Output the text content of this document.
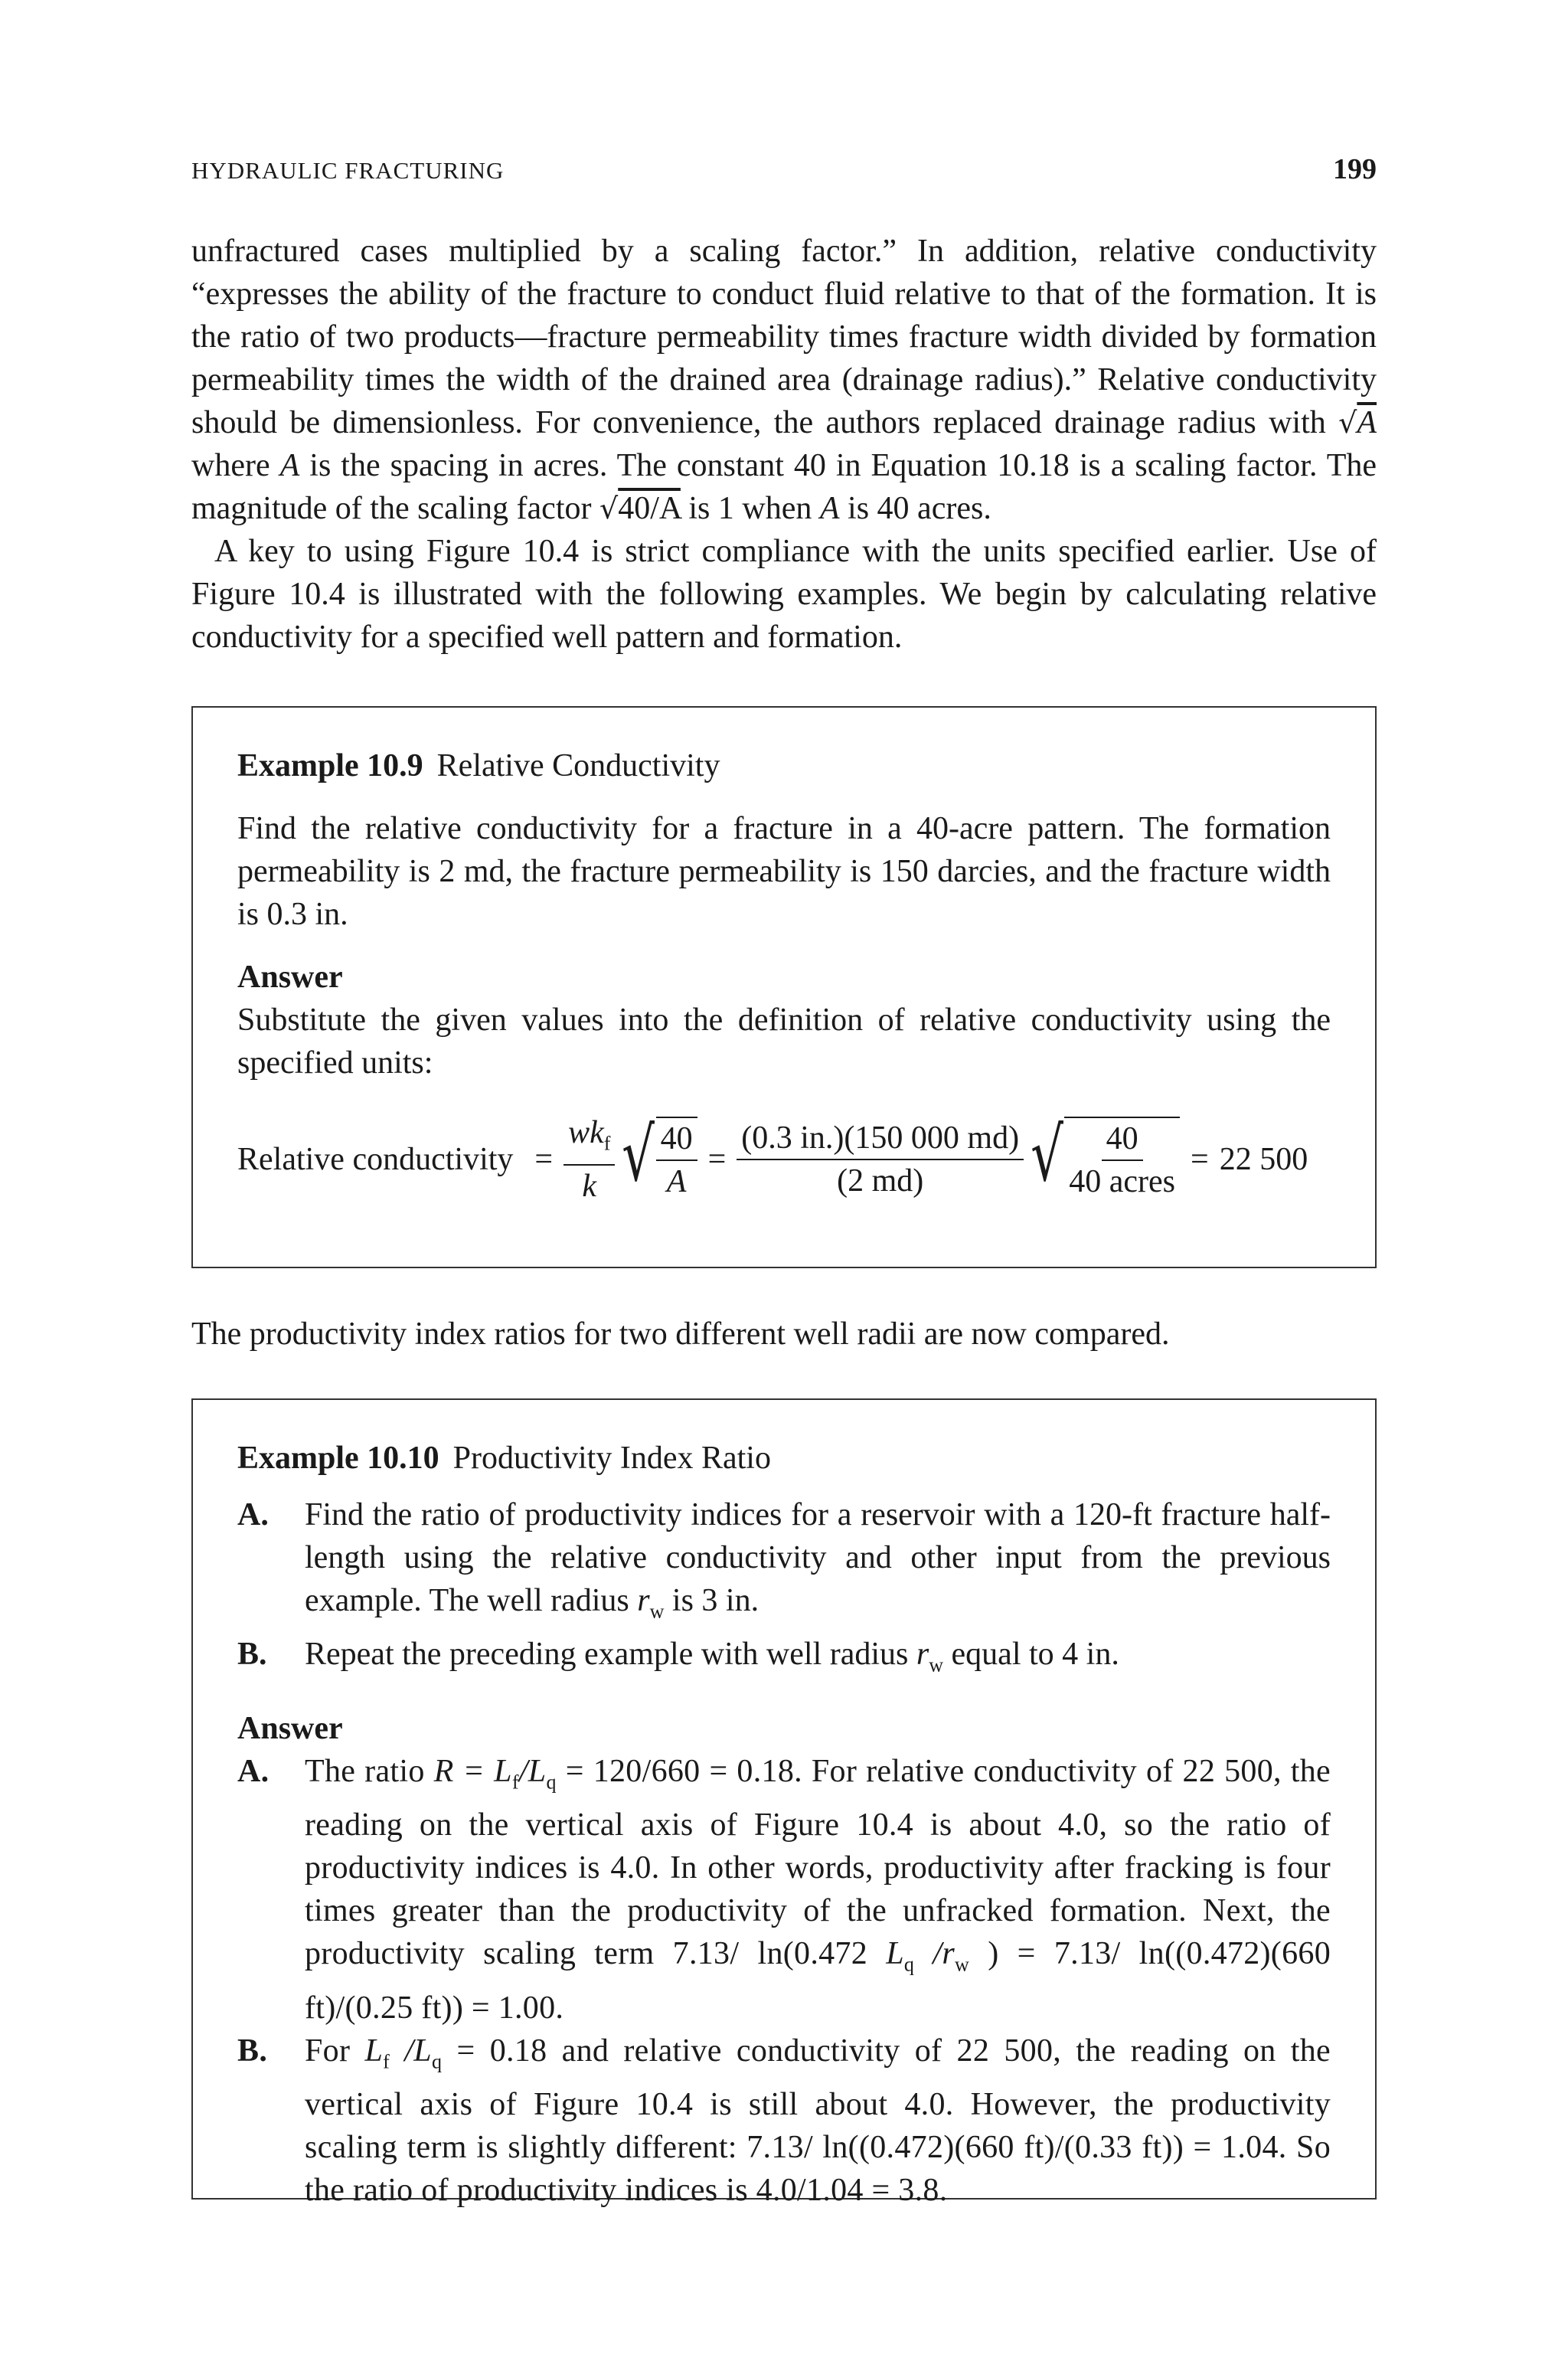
HYDRAULIC FRACTURING	199

unfractured cases multiplied by a scaling factor.” In addition, relative conductivity “expresses the ability of the fracture to conduct fluid relative to that of the formation. It is the ratio of two products—fracture permeability times fracture width divided by formation permeability times the width of the drained area (drainage radius).” Relative conductivity should be dimensionless. For convenience, the authors replaced drainage radius with √A where A is the spacing in acres. The constant 40 in Equation 10.18 is a scaling factor. The magnitude of the scaling factor √40/A is 1 when A is 40 acres.

A key to using Figure 10.4 is strict compliance with the units specified earlier. Use of Figure 10.4 is illustrated with the following examples. We begin by calculating relative conductivity for a specified well pattern and formation.

Example 10.9 Relative Conductivity
Find the relative conductivity for a fracture in a 40-acre pattern. The formation permeability is 2 md, the fracture permeability is 150 darcies, and the fracture width is 0.3 in.
Answer
Substitute the given values into the definition of relative conductivity using the specified units:
Relative conductivity = $\frac{wk_f}{k}$ √ $\frac{40}{A} = \frac{(0.3 in.)(150 000 md)}{(2 md)}$ √ $\frac{40}{\text{40 acres}} = 22$ 500
The productivity index ratios for two different well radii are now compared.
Example 10.10 Productivity Index Ratio
A. Find the ratio of productivity indices for a reservoir with a 120-ft fracture half-length using the relative conductivity and other input from the previous example. The well radius $r_w$ is 3 in.
B. Repeat the preceding example with well radius $r_w$ equal to 4 in.
Answer
A. The ratio $R = L_f/L_q = 120/660 = 0.18$. For relative conductivity of 22 500, the reading on the vertical axis of Figure 10.4 is about 4.0, so the ratio of productivity indices is 4.0. In other words, productivity after fracking is four times greater than the productivity of the unfracked formation. Next, the productivity scaling term 7.13/ ln(0.472 $L_q$ $/r_w$ ) = 7.13/ ln((0.472)(660 ft)/(0.25 ft)) = 1.00.
B. For $L_f$ $/L_q = 0.18$ and relative conductivity of 22 500, the reading on the vertical axis of Figure 10.4 is still about 4.0. However, the productivity scaling term is slightly different: 7.13/ ln((0.472)(660 ft)/(0.33 ft)) = 1.04. So the ratio of productivity indices is 4.0/1.04 = 3.8.
